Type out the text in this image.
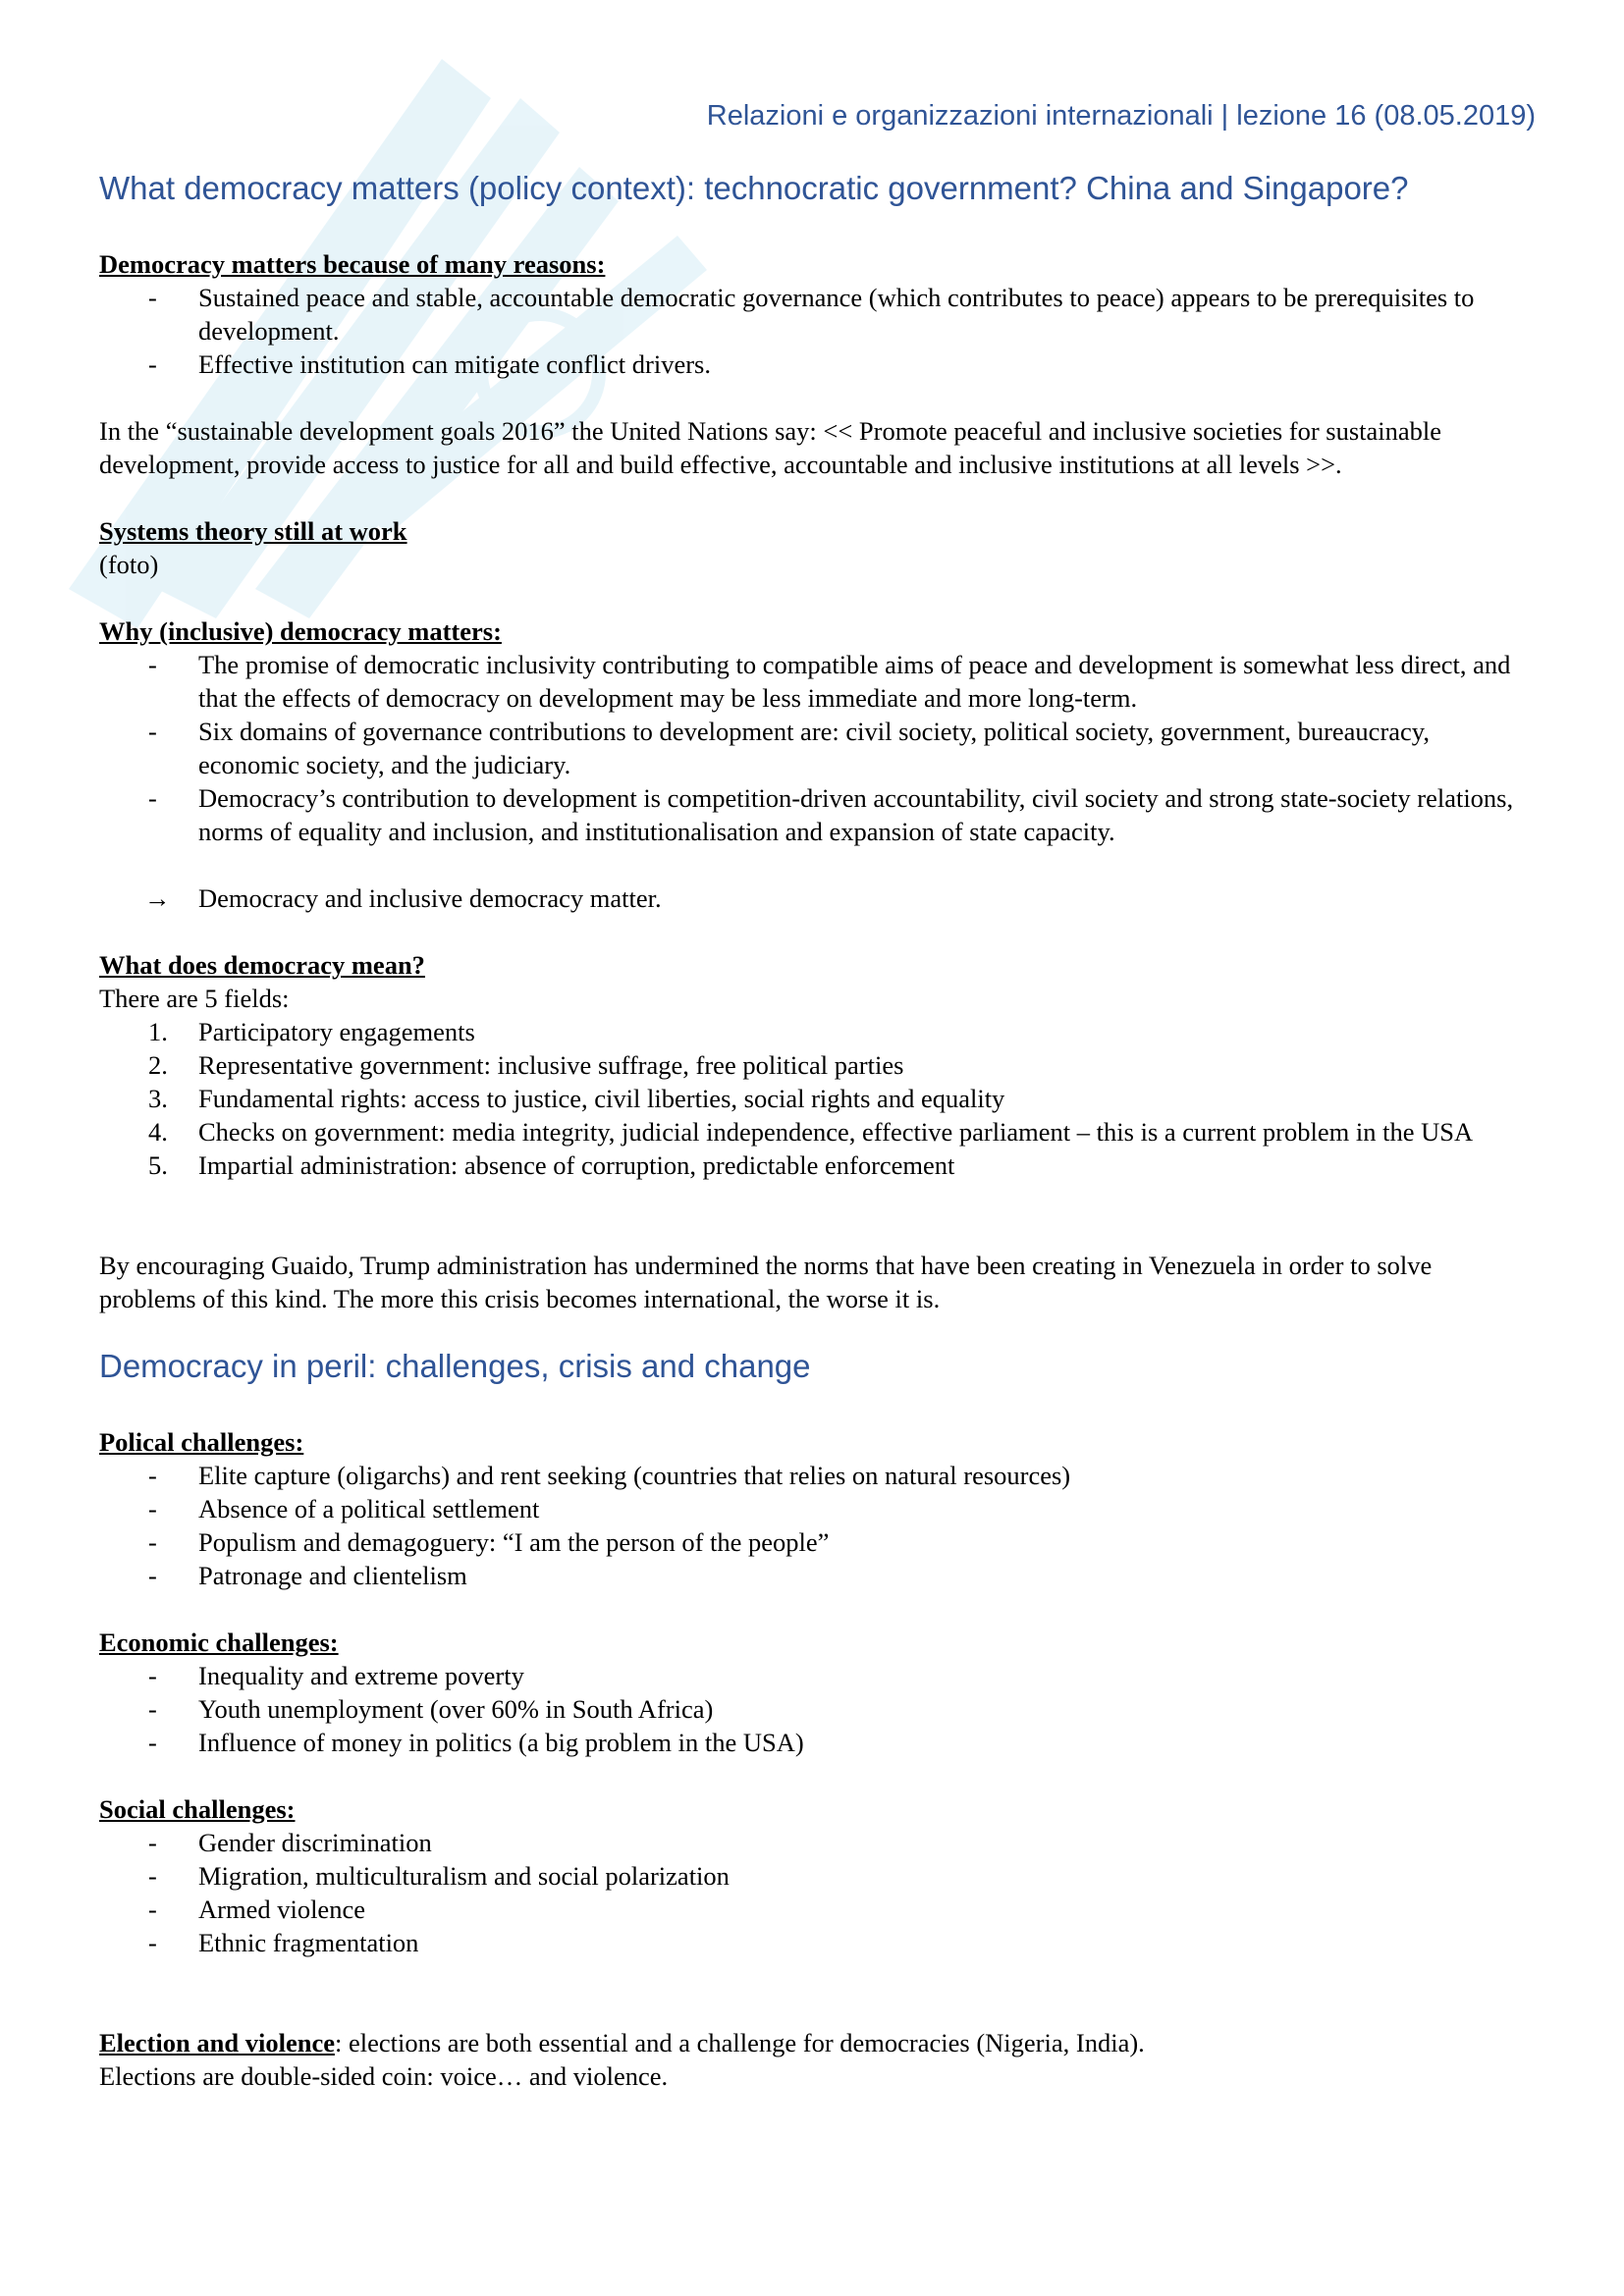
Relazioni e organizzazioni internazionali | lezione 16 (08.05.2019)
What democracy matters (policy context): technocratic government? China and Singapore?
Democracy matters because of many reasons:
- Sustained peace and stable, accountable democratic governance (which contributes to peace) appears to be prerequisites to development.
- Effective institution can mitigate conflict drivers.

In the “sustainable development goals 2016” the United Nations say: << Promote peaceful and inclusive societies for sustainable development, provide access to justice for all and build effective, accountable and inclusive institutions at all levels >>.

Systems theory still at work

(foto)

Why (inclusive) democracy matters:
- The promise of democratic inclusivity contributing to compatible aims of peace and development is somewhat less direct, and that the effects of democracy on development may be less immediate and more long-term.
- Six domains of governance contributions to development are: civil society, political society, government, bureaucracy, economic society, and the judiciary.
- Democracy’s contribution to development is competition-driven accountability, civil society and strong state-society relations, norms of equality and inclusion, and institutionalisation and expansion of state capacity.

→ Democracy and inclusive democracy matter.

What does democracy mean?

There are 5 fields:

1. Participatory engagements
2. Representative government: inclusive suffrage, free political parties
3. Fundamental rights: access to justice, civil liberties, social rights and equality
4. Checks on government: media integrity, judicial independence, effective parliament – this is a current problem in the USA
5. Impartial administration: absence of corruption, predictable enforcement

By encouraging Guaido, Trump administration has undermined the norms that have been creating in Venezuela in order to solve problems of this kind. The more this crisis becomes international, the worse it is.

Democracy in peril: challenges, crisis and change
Polical challenges:
- Elite capture (oligarchs) and rent seeking (countries that relies on natural resources)
- Absence of a political settlement
- Populism and demagoguery: “I am the person of the people”
- Patronage and clientelism
Economic challenges:
- Inequality and extreme poverty
- Youth unemployment (over 60% in South Africa)
- Influence of money in politics (a big problem in the USA)
Social challenges:
- Gender discrimination
- Migration, multiculturalism and social polarization
- Armed violence
- Ethnic fragmentation

Election and violence: elections are both essential and a challenge for democracies (Nigeria, India).

Elections are double-sided coin: voice… and violence.
